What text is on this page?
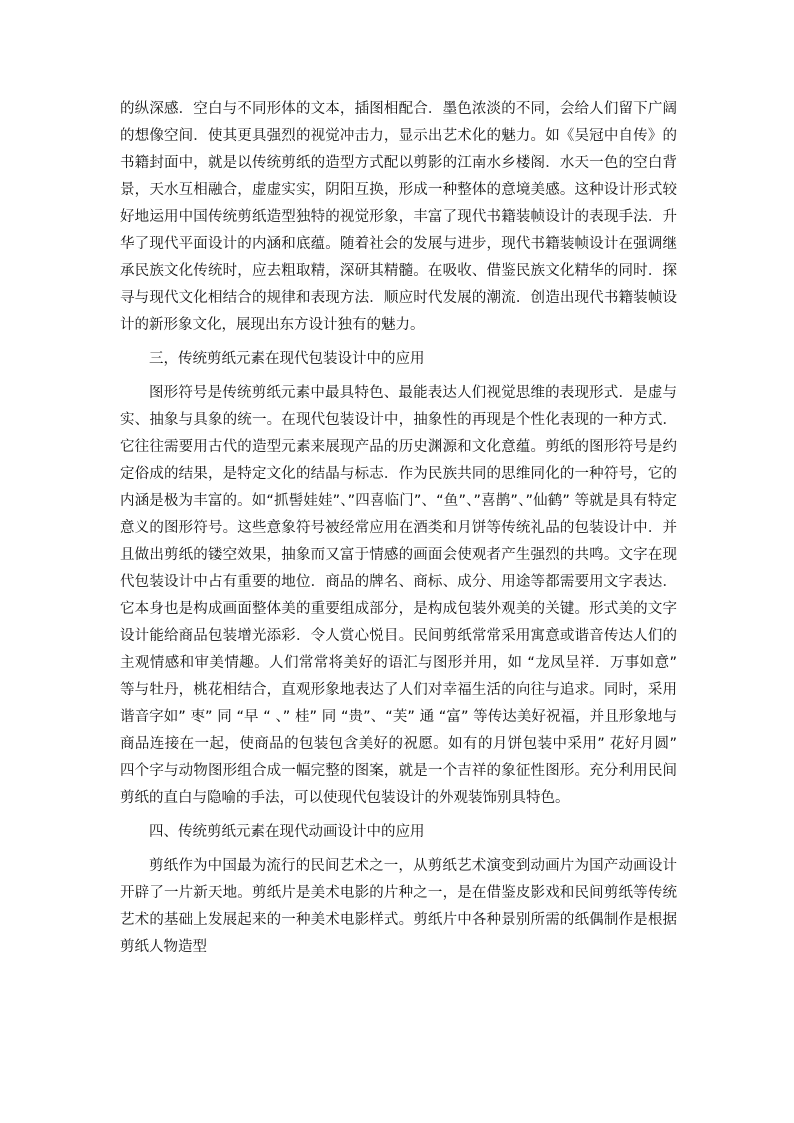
的纵深感．空白与不同形体的文本，插图相配合．墨色浓淡的不同，会给人们留下广阔的想像空间．使其更具强烈的视觉冲击力，显示出艺术化的魅力。如《吴冠中自传》的书籍封面中，就是以传统剪纸的造型方式配以剪影的江南水乡楼阁．水天一色的空白背景，天水互相融合，虚虚实实，阴阳互换，形成一种整体的意境美感。这种设计形式较好地运用中国传统剪纸造型独特的视觉形象，丰富了现代书籍装帧设计的表现手法．升华了现代平面设计的内涵和底蕴。随着社会的发展与进步，现代书籍装帧设计在强调继承民族文化传统时，应去粗取精，深研其精髓。在吸收、借鉴民族文化精华的同时．探寻与现代文化相结合的规律和表现方法．顺应时代发展的潮流．创造出现代书籍装帧设计的新形象文化，展现出东方设计独有的魅力。

三，传统剪纸元素在现代包装设计中的应用

图形符号是传统剪纸元素中最具特色、最能表达人们视觉思维的表现形式．是虚与实、抽象与具象的统一。在现代包装设计中，抽象性的再现是个性化表现的一种方式．它往往需要用古代的造型元素来展现产品的历史渊源和文化意蕴。剪纸的图形符号是约定俗成的结果，是特定文化的结晶与标志．作为民族共同的思维同化的一种符号，它的内涵是极为丰富的。如“抓髻娃娃”、”四喜临门”、“鱼”、”喜鹊”、”仙鹤” 等就是具有特定意义的图形符号。这些意象符号被经常应用在酒类和月饼等传统礼品的包装设计中．并且做出剪纸的镂空效果，抽象而又富于情感的画面会使观者产生强烈的共鸣。文字在现代包装设计中占有重要的地位．商品的牌名、商标、成分、用途等都需要用文字表达．它本身也是构成画面整体美的重要组成部分，是构成包装外观美的关键。形式美的文字设计能给商品包装增光添彩．令人赏心悦目。民间剪纸常常采用寓意或谐音传达人们的主观情感和审美情趣。人们常常将美好的语汇与图形并用，如 “龙凤呈祥．万事如意” 等与牡丹，桃花相结合，直观形象地表达了人们对幸福生活的向往与追求。同时，采用谐音字如” 枣” 同 “早 “ 、” 桂” 同 “贵”、“芙” 通 “富” 等传达美好祝福，并且形象地与商品连接在一起，使商品的包装包含美好的祝愿。如有的月饼包装中采用” 花好月圆” 四个字与动物图形组合成一幅完整的图案，就是一个吉祥的象征性图形。充分利用民间剪纸的直白与隐喻的手法，可以使现代包装设计的外观装饰别具特色。

四、传统剪纸元素在现代动画设计中的应用

剪纸作为中国最为流行的民间艺术之一，从剪纸艺术演变到动画片为国产动画设计开辟了一片新天地。剪纸片是美术电影的片种之一，是在借鉴皮影戏和民间剪纸等传统艺术的基础上发展起来的一种美术电影样式。剪纸片中各种景别所需的纸偶制作是根据剪纸人物造型
